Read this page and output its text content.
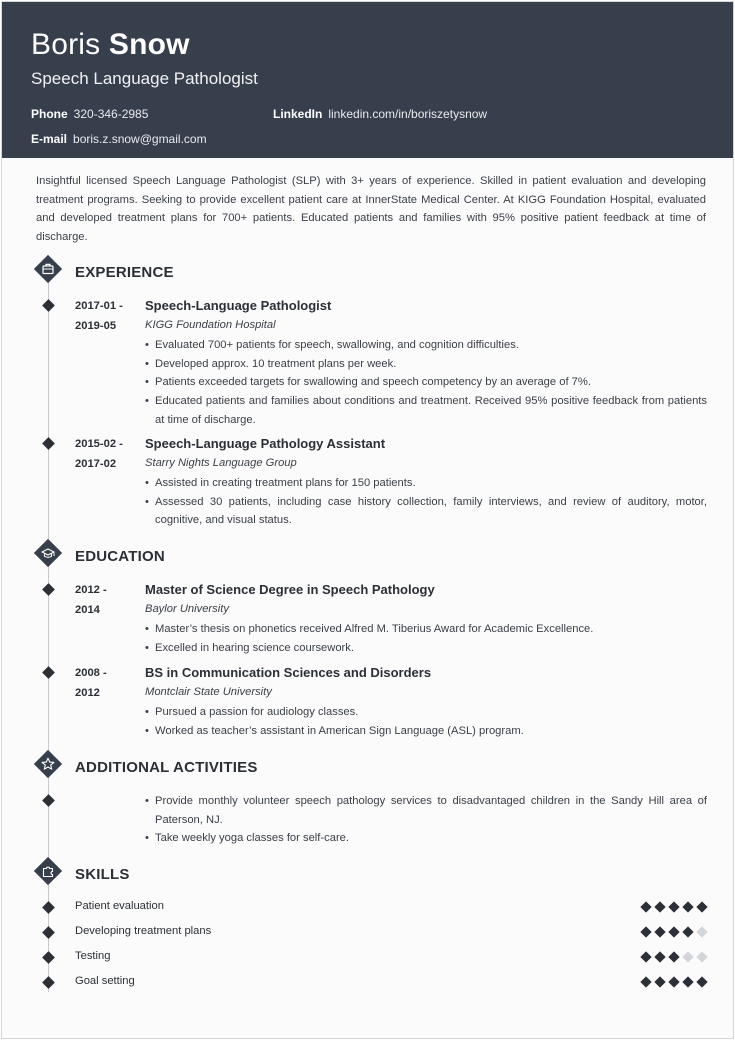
Boris Snow
Speech Language Pathologist
Phone 320-346-2985	LinkedIn linkedin.com/in/boriszetysnow
E-mail boris.z.snow@gmail.com
Insightful licensed Speech Language Pathologist (SLP) with 3+ years of experience. Skilled in patient evaluation and developing treatment programs. Seeking to provide excellent patient care at InnerState Medical Center. At KIGG Foundation Hospital, evaluated and developed treatment plans for 700+ patients. Educated patients and families with 95% positive patient feedback at time of discharge.
EXPERIENCE
2017-01 -
2019-05
Speech-Language Pathologist
KIGG Foundation Hospital
• Evaluated 700+ patients for speech, swallowing, and cognition difficulties.
• Developed approx. 10 treatment plans per week.
• Patients exceeded targets for swallowing and speech competency by an average of 7%.
• Educated patients and families about conditions and treatment. Received 95% positive feedback from patients at time of discharge.
2015-02 -
2017-02
Speech-Language Pathology Assistant
Starry Nights Language Group
• Assisted in creating treatment plans for 150 patients.
• Assessed 30 patients, including case history collection, family interviews, and review of auditory, motor, cognitive, and visual status.
EDUCATION
2012 -
2014
Master of Science Degree in Speech Pathology
Baylor University
• Master’s thesis on phonetics received Alfred M. Tiberius Award for Academic Excellence.
• Excelled in hearing science coursework.
2008 -
2012
BS in Communication Sciences and Disorders
Montclair State University
• Pursued a passion for audiology classes.
• Worked as teacher’s assistant in American Sign Language (ASL) program.
ADDITIONAL ACTIVITIES
• Provide monthly volunteer speech pathology services to disadvantaged children in the Sandy Hill area of Paterson, NJ.
• Take weekly yoga classes for self-care.
SKILLS
Patient evaluation
Developing treatment plans
Testing
Goal setting
